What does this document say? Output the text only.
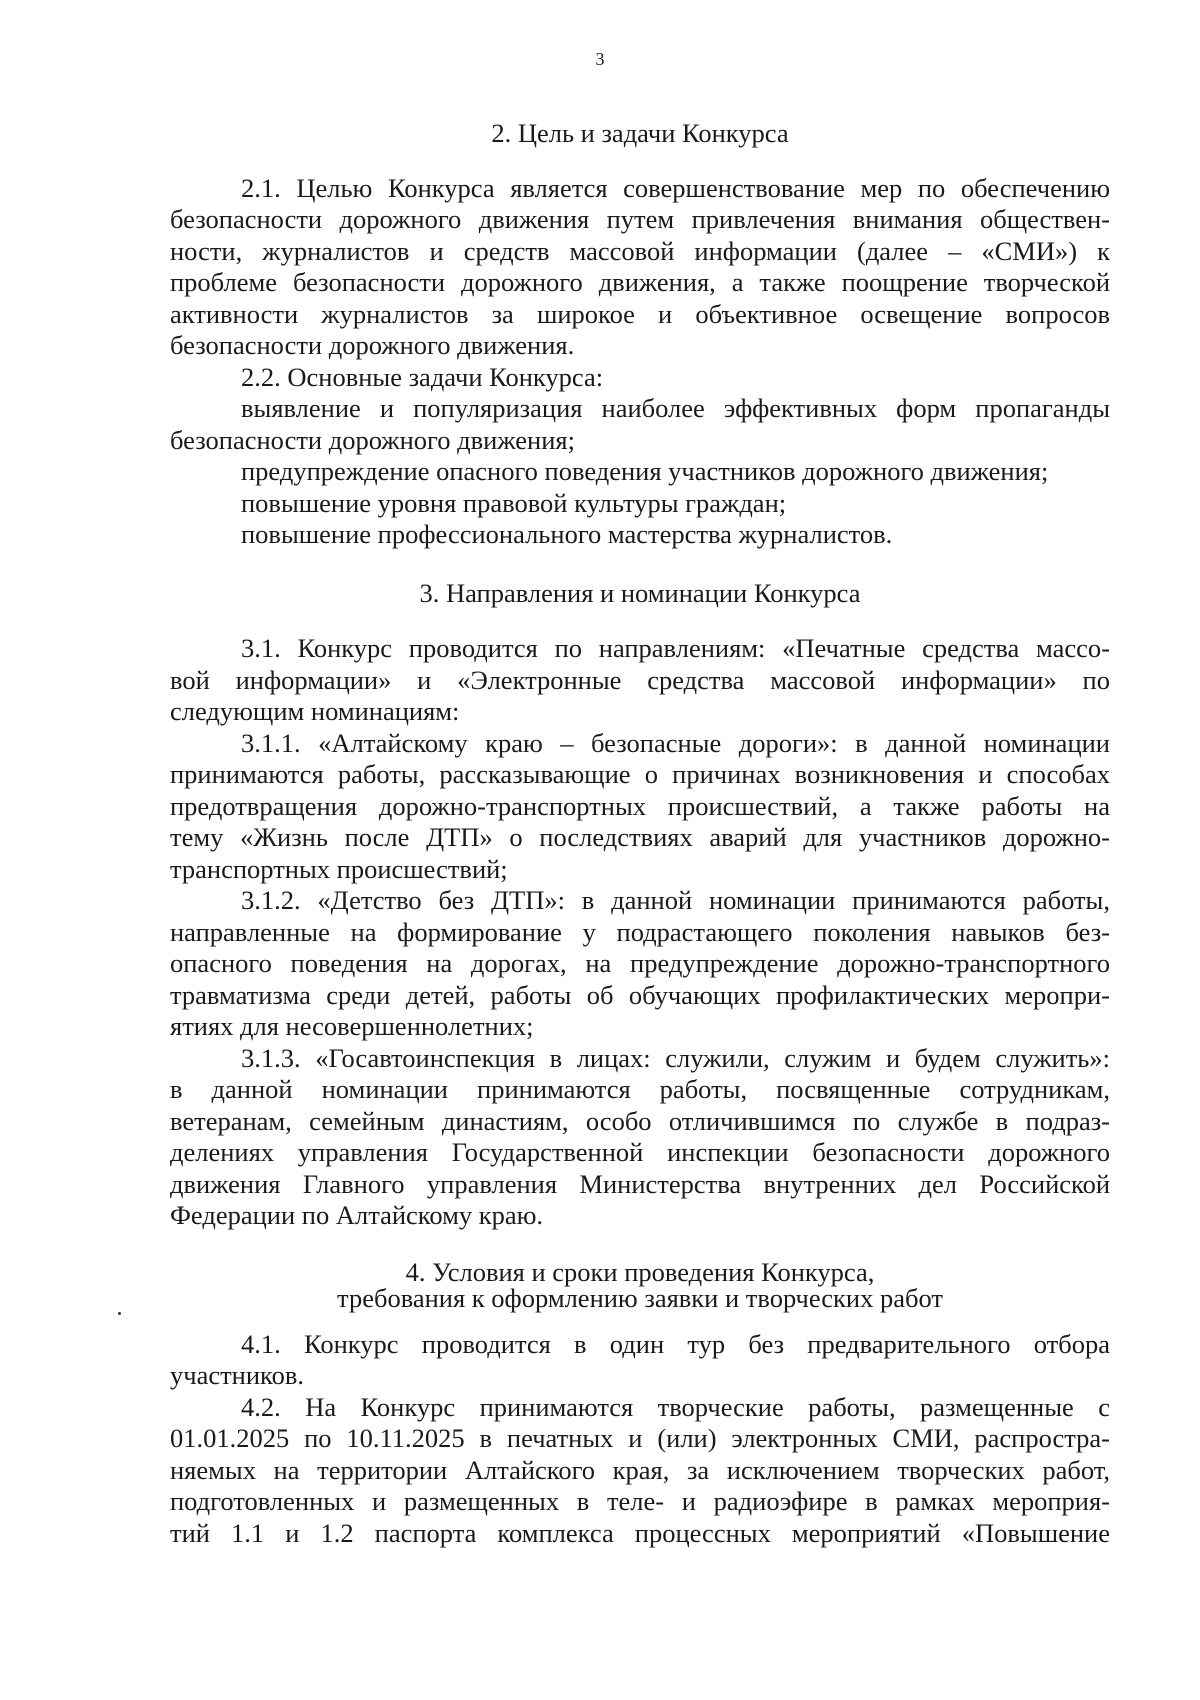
3
2. Цель и задачи Конкурса
2.1. Целью Конкурса является совершенствование мер по обеспечению
безопасности дорожного движения путем привлечения внимания обществен-
ности, журналистов и средств массовой информации (далее – «СМИ») к
проблеме безопасности дорожного движения, а также поощрение творческой
активности журналистов за широкое и объективное освещение вопросов
безопасности дорожного движения.
2.2. Основные задачи Конкурса:
выявление и популяризация наиболее эффективных форм пропаганды
безопасности дорожного движения;
предупреждение опасного поведения участников дорожного движения;
повышение уровня правовой культуры граждан;
повышение профессионального мастерства журналистов.
3. Направления и номинации Конкурса
3.1. Конкурс проводится по направлениям: «Печатные средства массо-
вой информации» и «Электронные средства массовой информации» по
следующим номинациям:
3.1.1. «Алтайскому краю – безопасные дороги»: в данной номинации
принимаются работы, рассказывающие о причинах возникновения и способах
предотвращения дорожно-транспортных происшествий, а также работы на
тему «Жизнь после ДТП» о последствиях аварий для участников дорожно-
транспортных происшествий;
3.1.2. «Детство без ДТП»: в данной номинации принимаются работы,
направленные на формирование у подрастающего поколения навыков без-
опасного поведения на дорогах, на предупреждение дорожно-транспортного
травматизма среди детей, работы об обучающих профилактических меропри-
ятиях для несовершеннолетних;
3.1.3. «Госавтоинспекция в лицах: служили, служим и будем служить»:
в данной номинации принимаются работы, посвященные сотрудникам,
ветеранам, семейным династиям, особо отличившимся по службе в подраз-
делениях управления Государственной инспекции безопасности дорожного
движения Главного управления Министерства внутренних дел Российской
Федерации по Алтайскому краю.
4. Условия и сроки проведения Конкурса,
требования к оформлению заявки и творческих работ
4.1. Конкурс проводится в один тур без предварительного отбора
участников.
4.2. На Конкурс принимаются творческие работы, размещенные с
01.01.2025 по 10.11.2025 в печатных и (или) электронных СМИ, распростра-
няемых на территории Алтайского края, за исключением творческих работ,
подготовленных и размещенных в теле- и радиоэфире в рамках мероприя-
тий 1.1 и 1.2 паспорта комплекса процессных мероприятий «Повышение
